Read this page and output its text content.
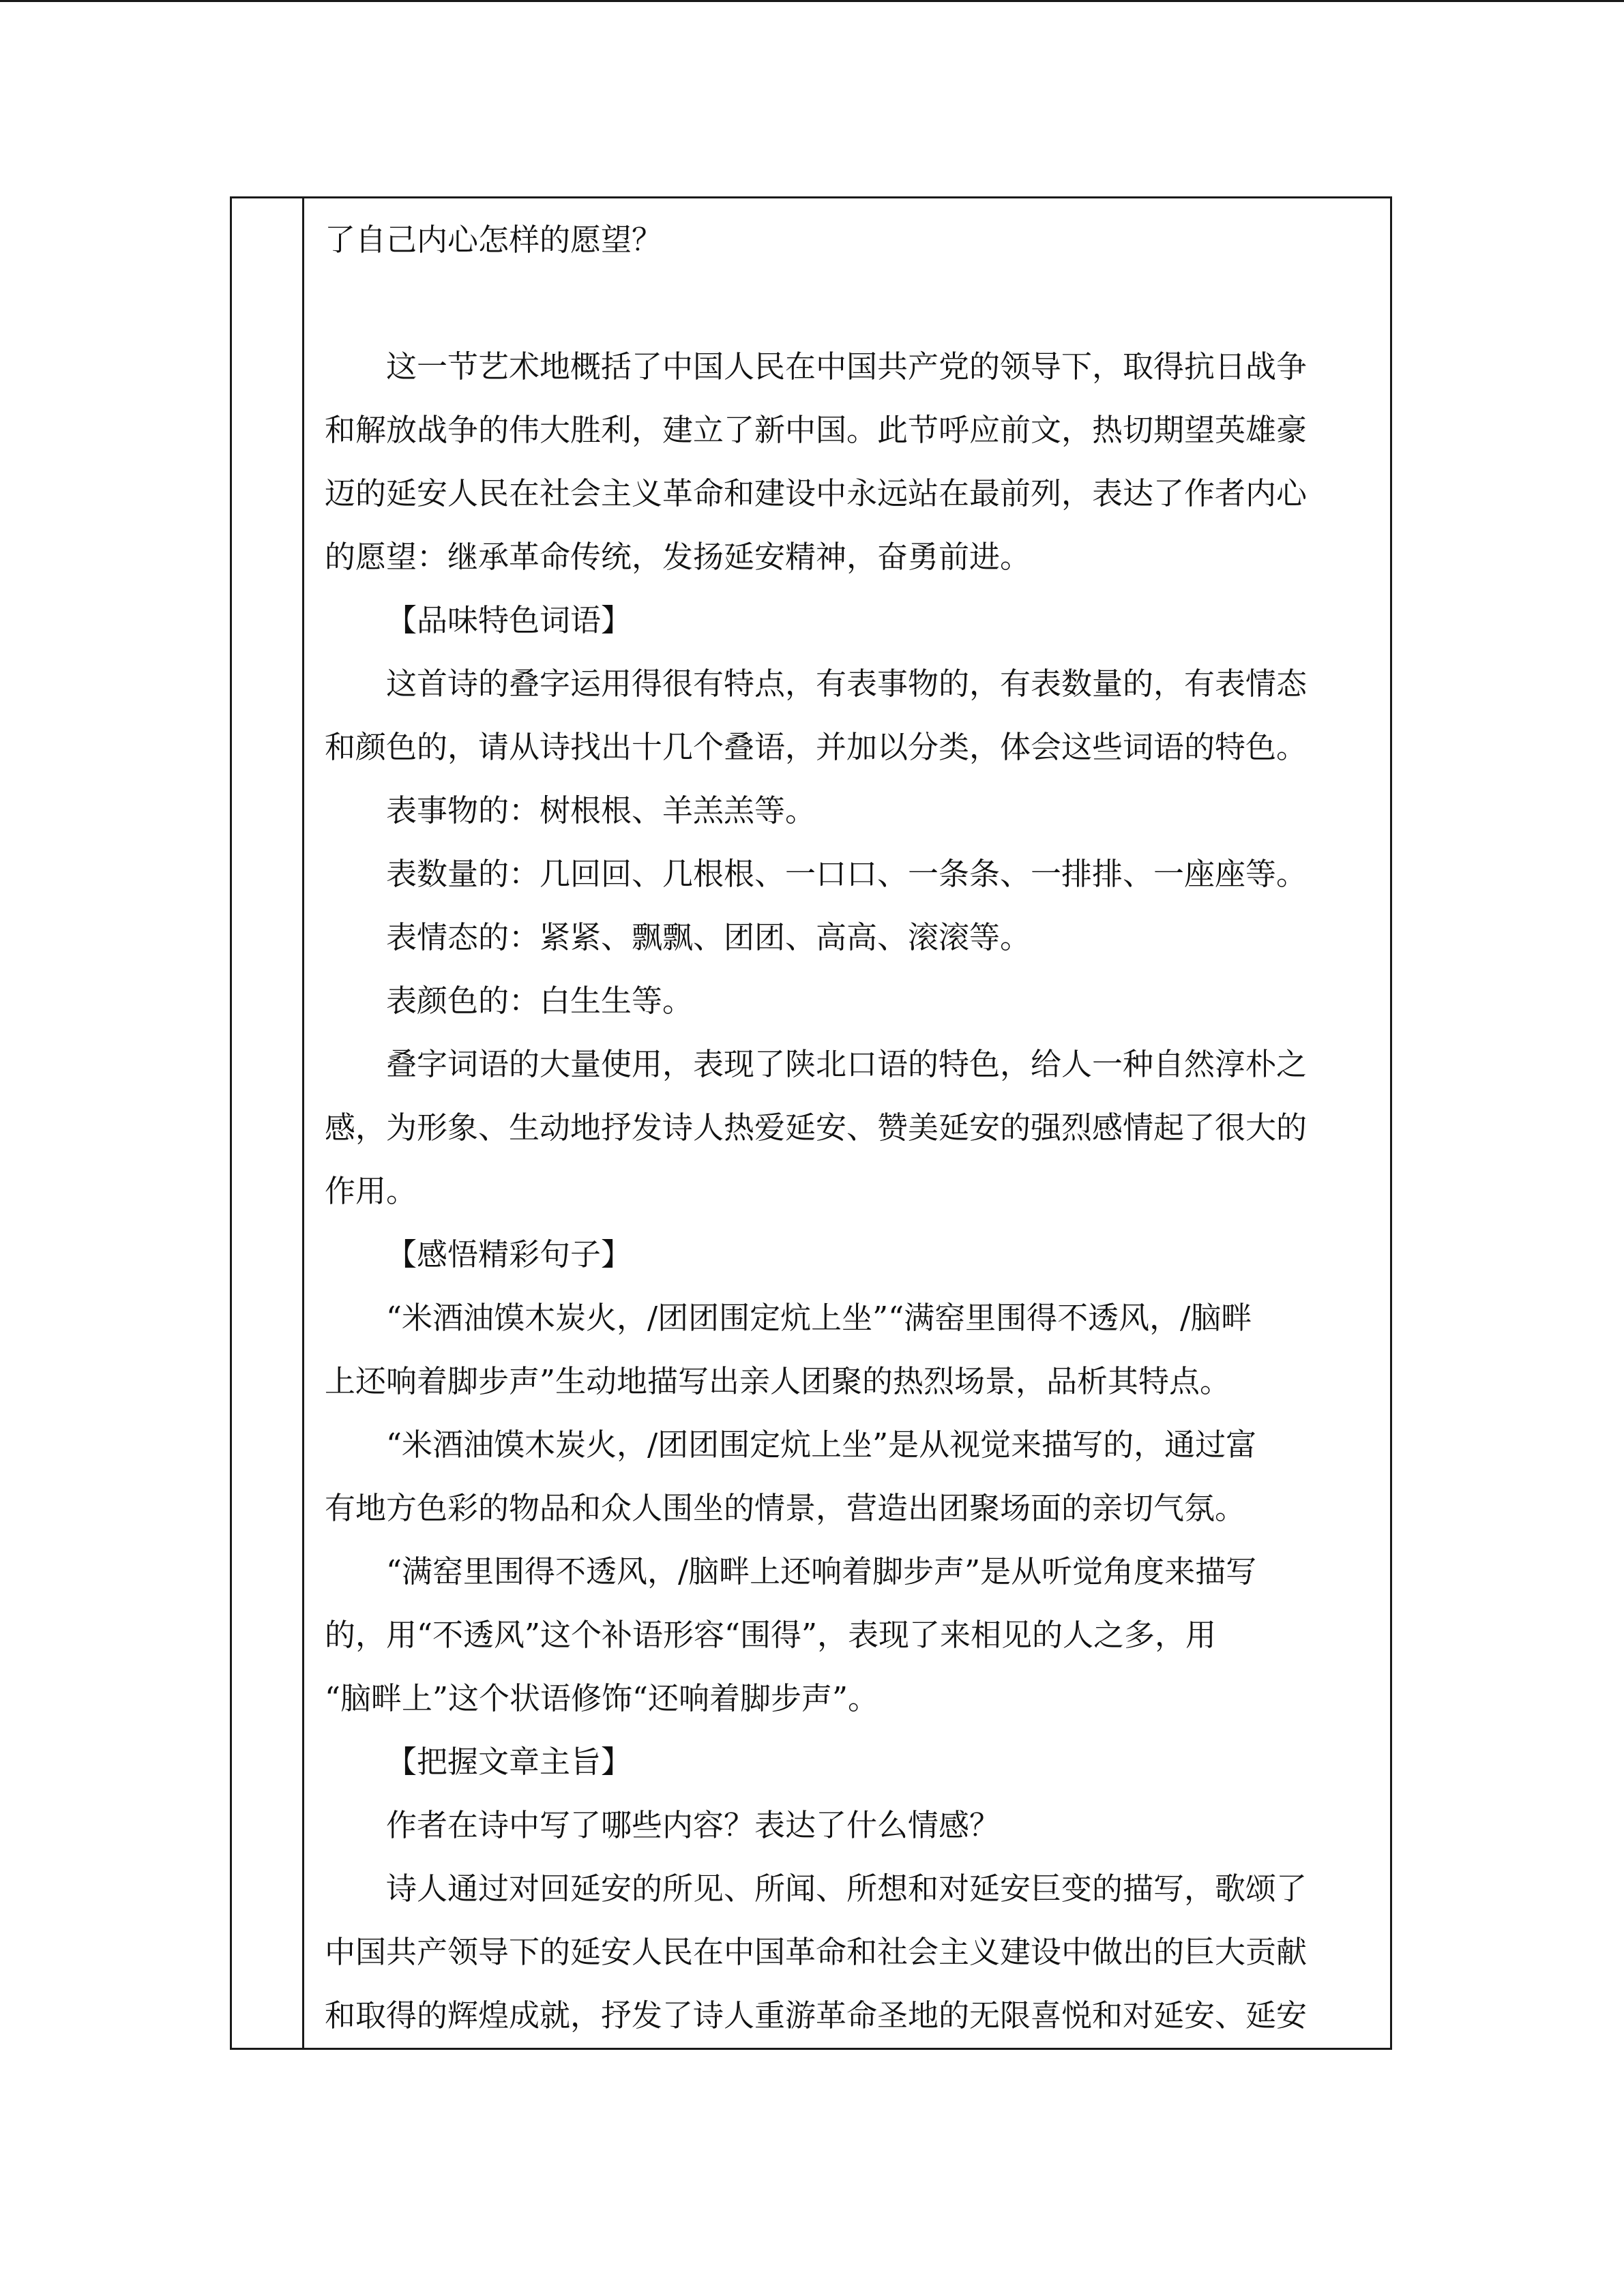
了自己内心怎样的愿望？

这一节艺术地概括了中国人民在中国共产党的领导下，取得抗日战争

和解放战争的伟大胜利，建立了新中国。此节呼应前文，热切期望英雄豪

迈的延安人民在社会主义革命和建设中永远站在最前列，表达了作者内心

的愿望：继承革命传统，发扬延安精神，奋勇前进。

【品味特色词语】

这首诗的叠字运用得很有特点，有表事物的，有表数量的，有表情态

和颜色的，请从诗找出十几个叠语，并加以分类，体会这些词语的特色。

表事物的：树根根、羊羔羔等。

表数量的：几回回、几根根、一口口、一条条、一排排、一座座等。

表情态的：紧紧、飘飘、团团、高高、滚滚等。

表颜色的：白生生等。

叠字词语的大量使用，表现了陕北口语的特色，给人一种自然淳朴之

感，为形象、生动地抒发诗人热爱延安、赞美延安的强烈感情起了很大的

作用。

【感悟精彩句子】

“米酒油馍木炭火，/团团围定炕上坐”“满窑里围得不透风，/脑畔

上还响着脚步声”生动地描写出亲人团聚的热烈场景，品析其特点。

“米酒油馍木炭火，/团团围定炕上坐”是从视觉来描写的，通过富

有地方色彩的物品和众人围坐的情景，营造出团聚场面的亲切气氛。

“满窑里围得不透风，/脑畔上还响着脚步声”是从听觉角度来描写

的，用“不透风”这个补语形容“围得”，表现了来相见的人之多，用

“脑畔上”这个状语修饰“还响着脚步声”。

【把握文章主旨】

作者在诗中写了哪些内容？表达了什么情感？

诗人通过对回延安的所见、所闻、所想和对延安巨变的描写，歌颂了

中国共产领导下的延安人民在中国革命和社会主义建设中做出的巨大贡献

和取得的辉煌成就，抒发了诗人重游革命圣地的无限喜悦和对延安、延安
